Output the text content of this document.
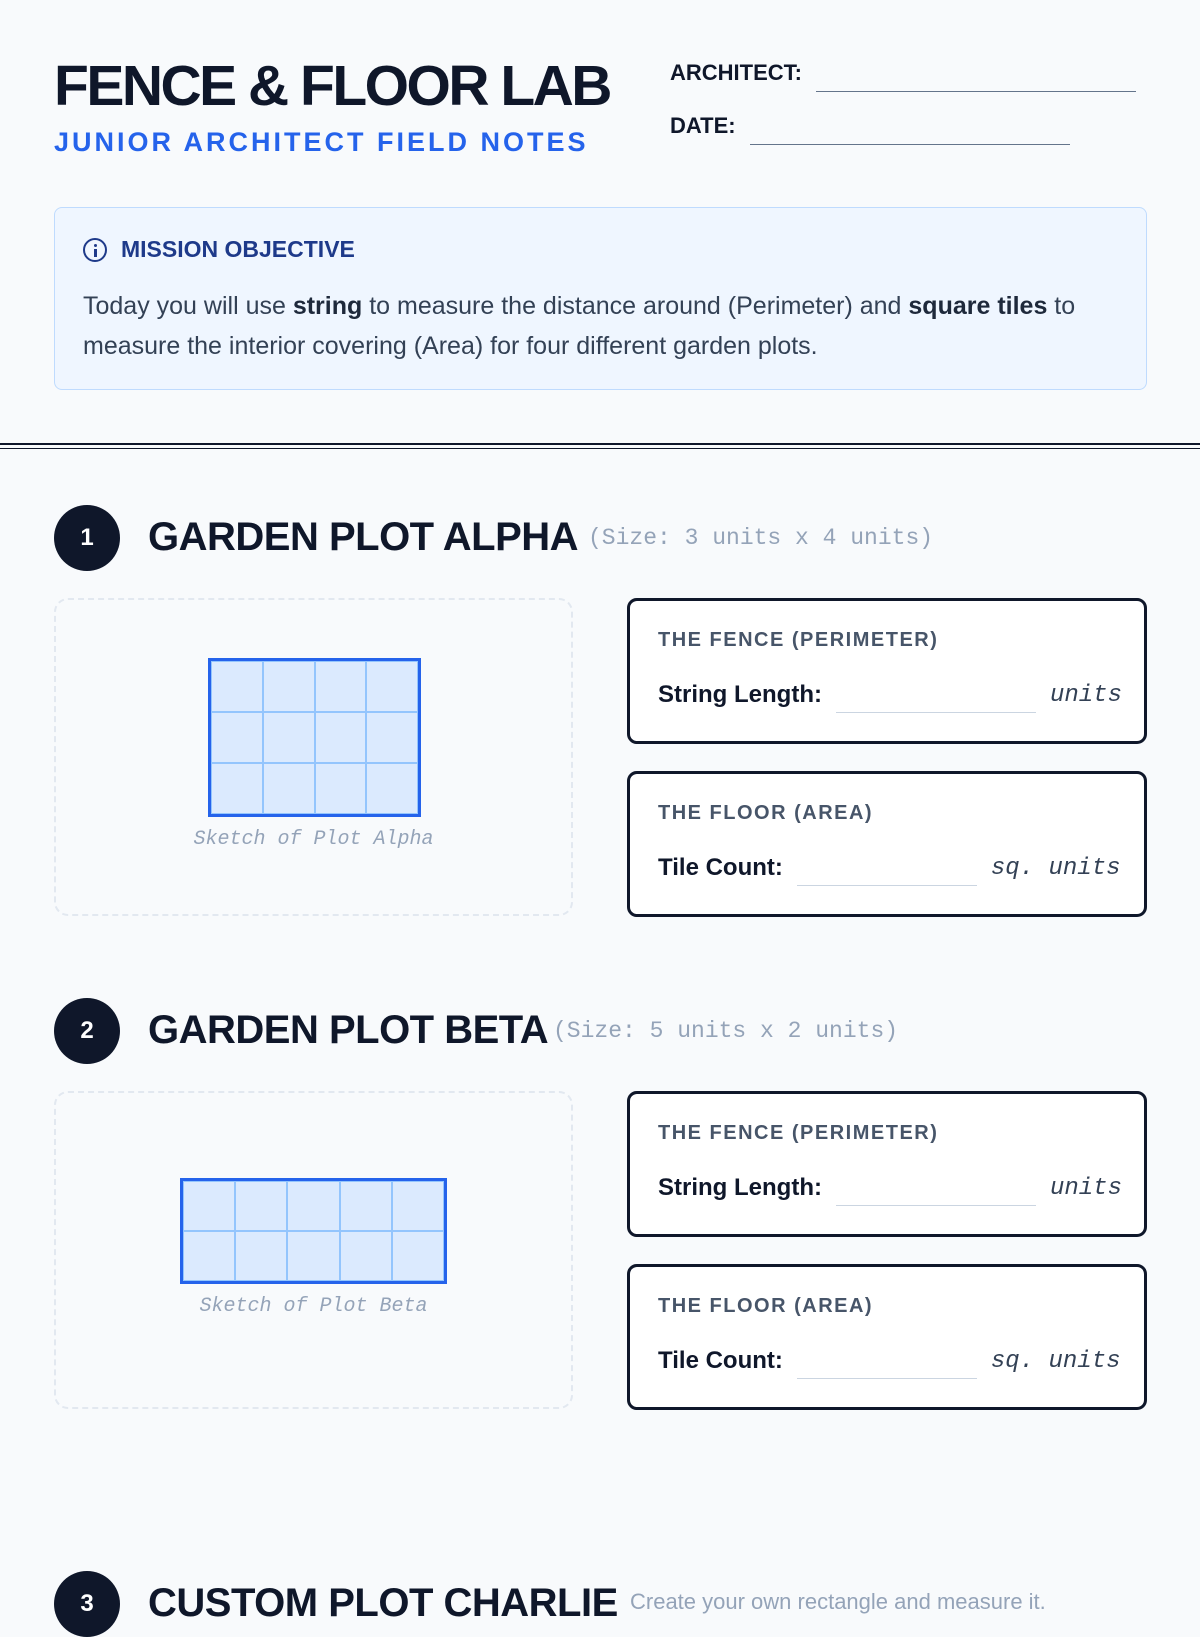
FENCE & FLOOR LAB
JUNIOR ARCHITECT FIELD NOTES
ARCHITECT:
DATE:
MISSION OBJECTIVE

Today you will use string to measure the distance around (Perimeter) and square tiles to measure the interior covering (Area) for four different garden plots.

1	GARDEN PLOT ALPHA (Size: 3 units x 4 units)
Sketch of Plot Alpha
THE FENCE (PERIMETER)
String Length:	units
THE FLOOR (AREA)
Tile Count:	sq. units
2	GARDEN PLOT BETA (Size: 5 units x 2 units)
Sketch of Plot Beta
THE FENCE (PERIMETER)
String Length:	units
THE FLOOR (AREA)
Tile Count:	sq. units
3	CUSTOM PLOT CHARLIE Create your own rectangle and measure it.
